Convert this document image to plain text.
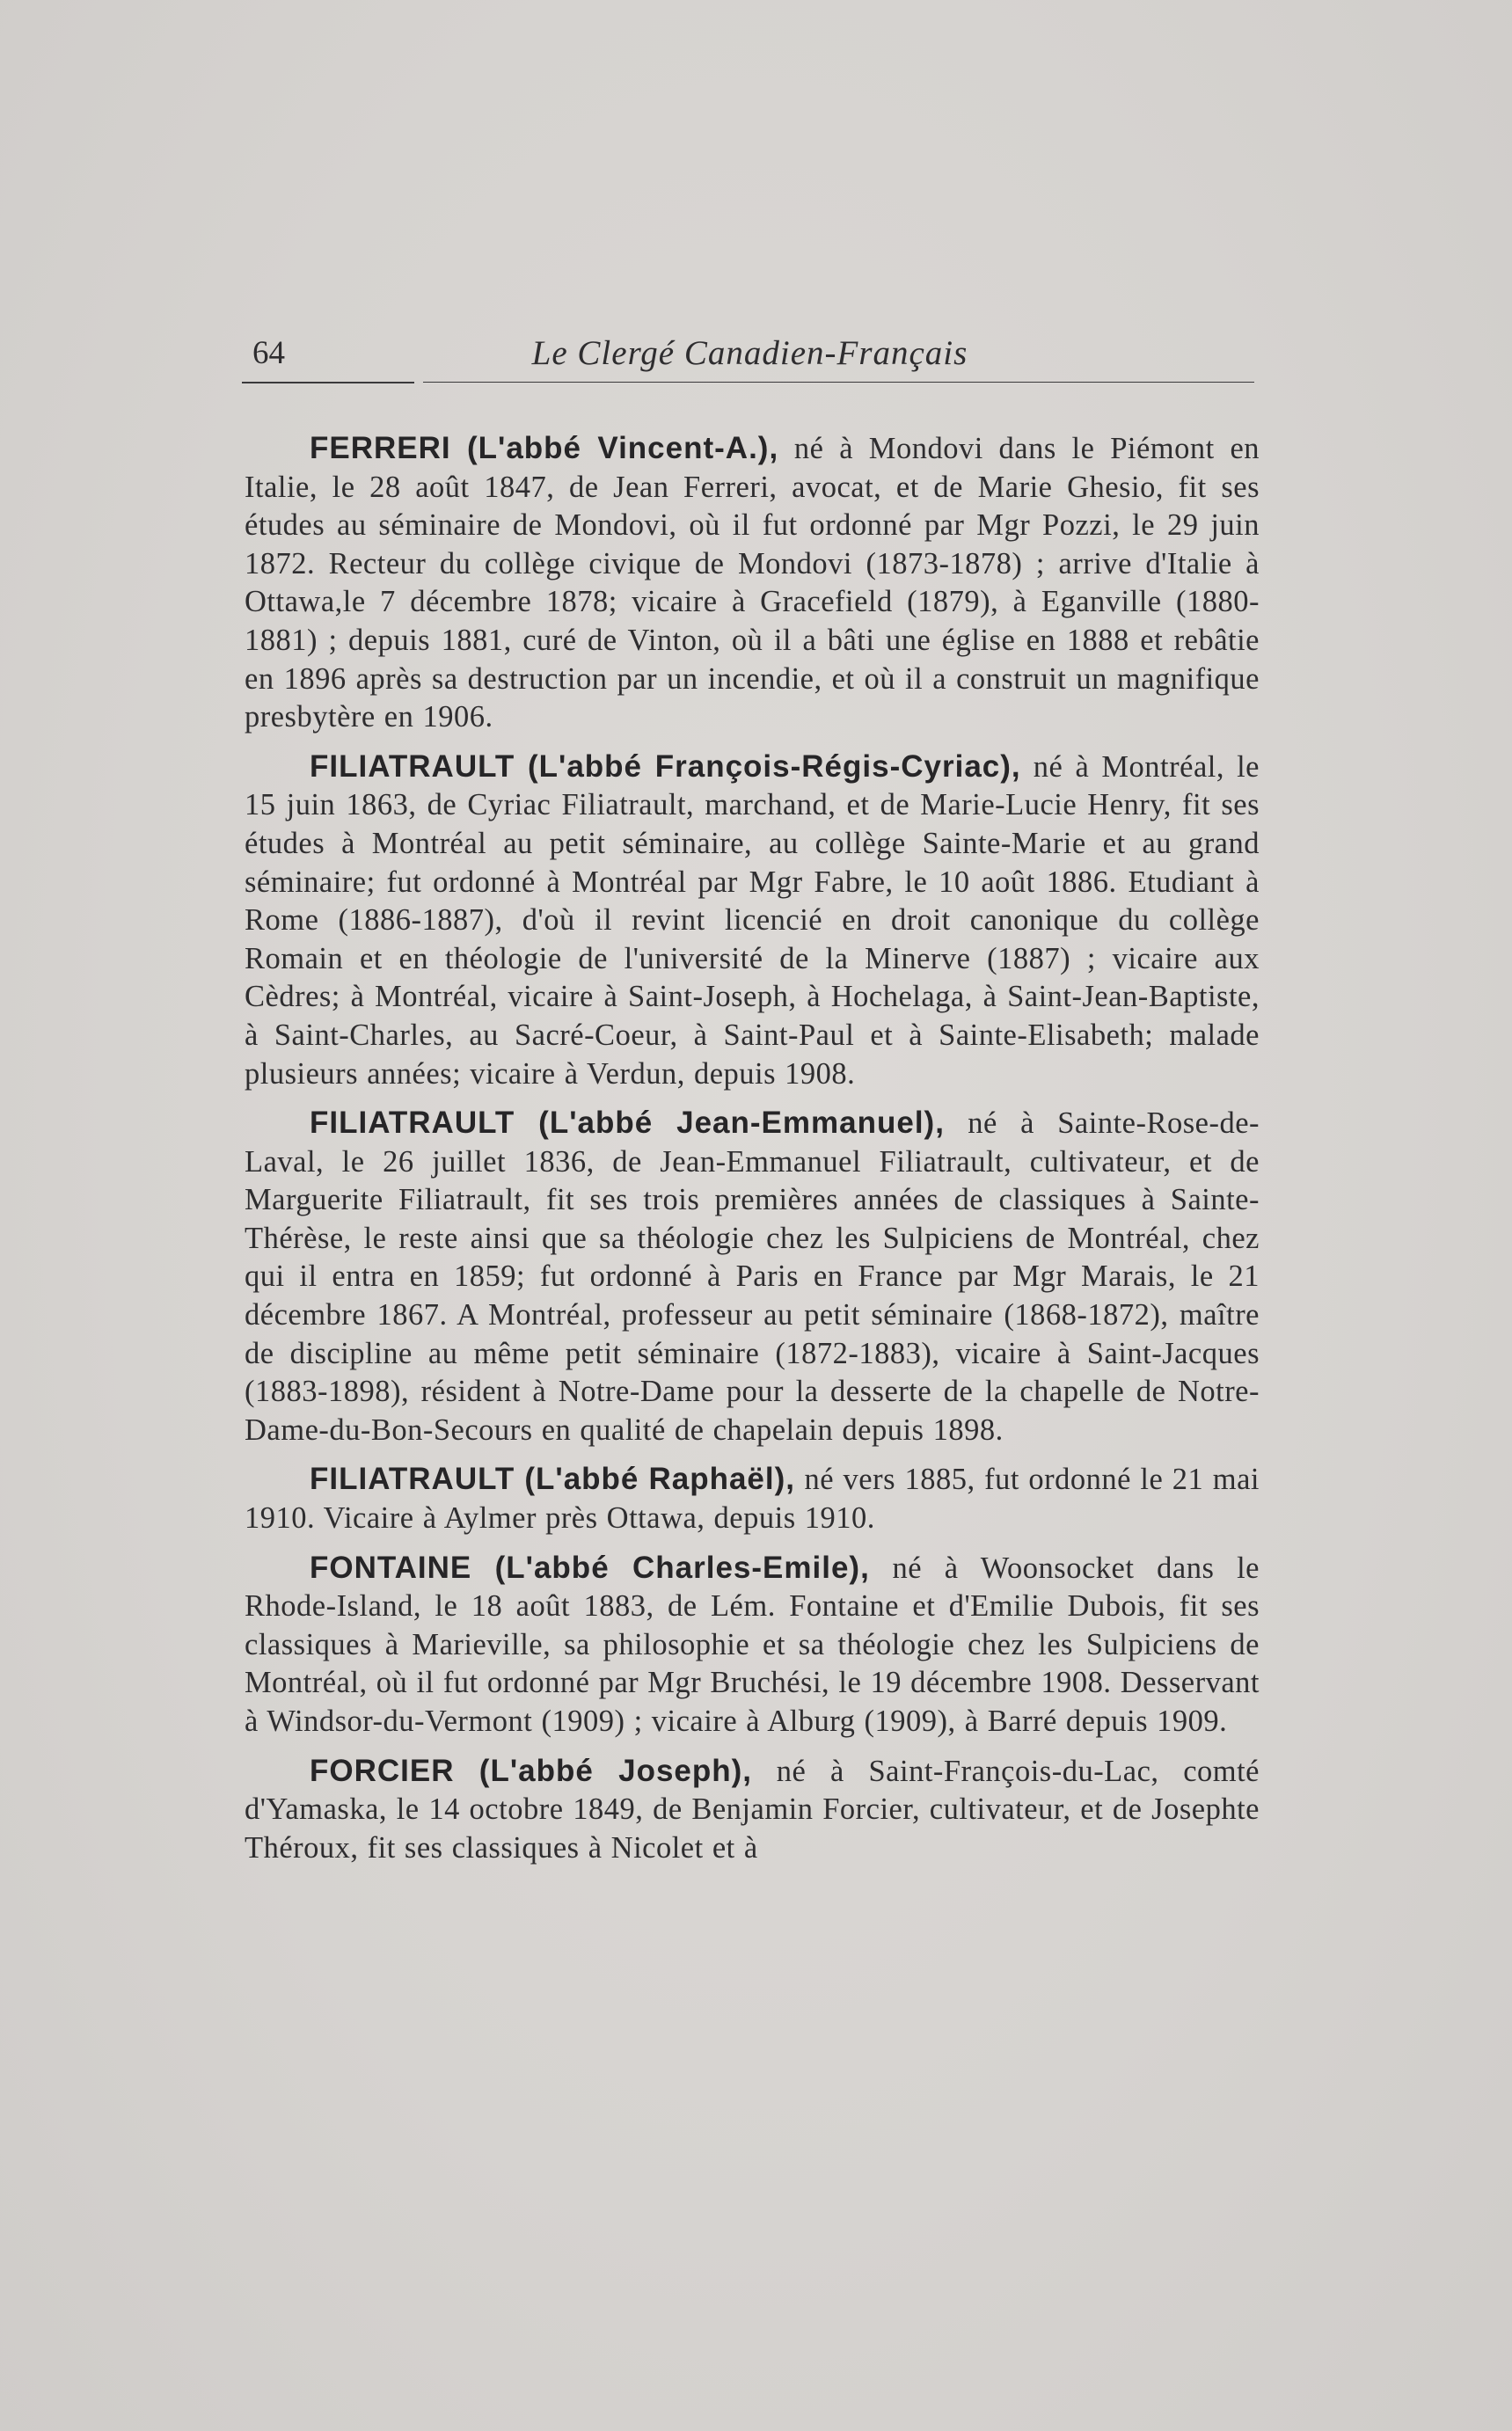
64	Le Clergé Canadien-Français

FERRERI (L'abbé Vincent-A.), né à Mondovi dans le Piémont en Italie, le 28 août 1847, de Jean Ferreri, avocat, et de Marie Ghesio, fit ses études au séminaire de Mondovi, où il fut ordonné par Mgr Pozzi, le 29 juin 1872. Recteur du collège civique de Mondovi (1873-1878) ; arrive d'Italie à Ottawa,le 7 décembre 1878; vicaire à Gracefield (1879), à Eganville (1880-1881) ; depuis 1881, curé de Vinton, où il a bâti une église en 1888 et rebâtie en 1896 après sa destruction par un incendie, et où il a construit un magnifique presbytère en 1906.

FILIATRAULT (L'abbé François-Régis-Cyriac), né à Montréal, le 15 juin 1863, de Cyriac Filiatrault, marchand, et de Marie-Lucie Henry, fit ses études à Montréal au petit séminaire, au collège Sainte-Marie et au grand séminaire; fut ordonné à Montréal par Mgr Fabre, le 10 août 1886. Etudiant à Rome (1886-1887), d'où il revint licencié en droit canonique du collège Romain et en théologie de l'université de la Minerve (1887) ; vicaire aux Cèdres; à Montréal, vicaire à Saint-Joseph, à Hochelaga, à Saint-Jean-Baptiste, à Saint-Charles, au Sacré-Coeur, à Saint-Paul et à Sainte-Elisabeth; malade plusieurs années; vicaire à Verdun, depuis 1908.

FILIATRAULT (L'abbé Jean-Emmanuel), né à Sainte-Rose-de-Laval, le 26 juillet 1836, de Jean-Emmanuel Filiatrault, cultivateur, et de Marguerite Filiatrault, fit ses trois premières années de classiques à Sainte-Thérèse, le reste ainsi que sa théologie chez les Sulpiciens de Montréal, chez qui il entra en 1859; fut ordonné à Paris en France par Mgr Marais, le 21 décembre 1867. A Montréal, professeur au petit séminaire (1868-1872), maître de discipline au même petit séminaire (1872-1883), vicaire à Saint-Jacques (1883-1898), résident à Notre-Dame pour la desserte de la chapelle de Notre-Dame-du-Bon-Secours en qualité de chapelain depuis 1898.

FILIATRAULT (L'abbé Raphaël), né vers 1885, fut ordonné le 21 mai 1910. Vicaire à Aylmer près Ottawa, depuis 1910.

FONTAINE (L'abbé Charles-Emile), né à Woonsocket dans le Rhode-Island, le 18 août 1883, de Lém. Fontaine et d'Emilie Dubois, fit ses classiques à Marieville, sa philosophie et sa théologie chez les Sulpiciens de Montréal, où il fut ordonné par Mgr Bruchési, le 19 décembre 1908. Desservant à Windsor-du-Vermont (1909) ; vicaire à Alburg (1909), à Barré depuis 1909.

FORCIER (L'abbé Joseph), né à Saint-François-du-Lac, comté d'Yamaska, le 14 octobre 1849, de Benjamin Forcier, cultivateur, et de Josephte Théroux, fit ses classiques à Nicolet et à
